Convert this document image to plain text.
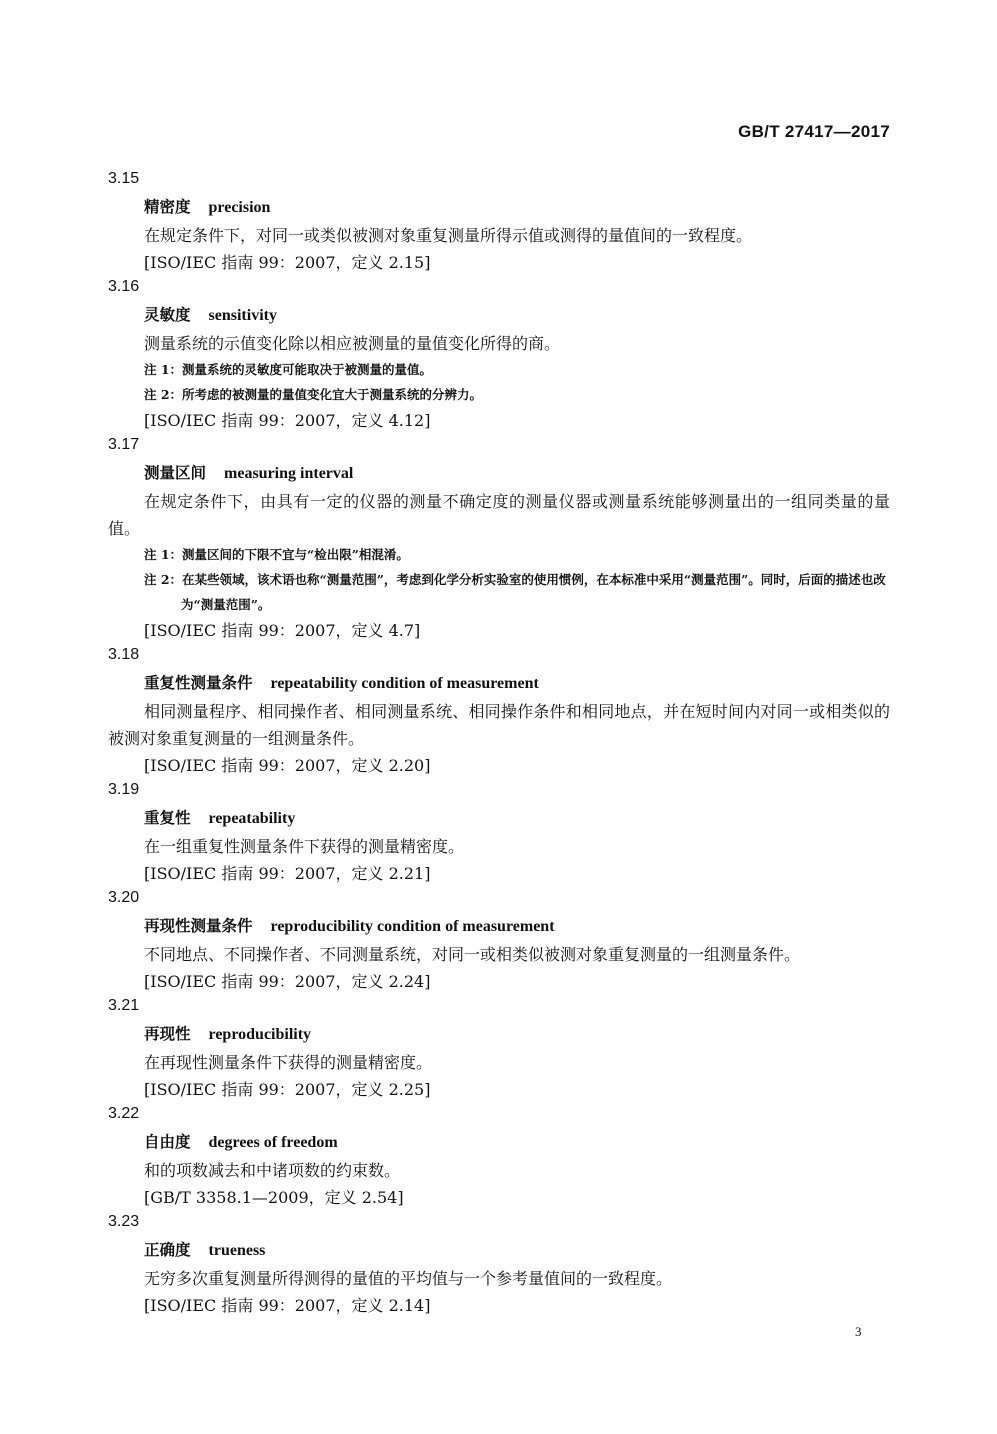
GB/T 27417—2017
3.15
精密度 precision
在规定条件下，对同一或类似被测对象重复测量所得示值或测得的量值间的一致程度。
[ISO/IEC 指南 99：2007，定义 2.15]
3.16
灵敏度 sensitivity
测量系统的示值变化除以相应被测量的量值变化所得的商。
注 1：测量系统的灵敏度可能取决于被测量的量值。
注 2：所考虑的被测量的量值变化宜大于测量系统的分辨力。
[ISO/IEC 指南 99：2007，定义 4.12]
3.17
测量区间 measuring interval
在规定条件下，由具有一定的仪器的测量不确定度的测量仪器或测量系统能够测量出的一组同类量的量值。
注 1：测量区间的下限不宜与“检出限”相混淆。
注 2：在某些领域，该术语也称“测量范围”，考虑到化学分析实验室的使用惯例，在本标准中采用“测量范围”。同时，后面的描述也改为“测量范围”。
[ISO/IEC 指南 99：2007，定义 4.7]
3.18
重复性测量条件 repeatability condition of measurement
相同测量程序、相同操作者、相同测量系统、相同操作条件和相同地点，并在短时间内对同一或相类似的被测对象重复测量的一组测量条件。
[ISO/IEC 指南 99：2007，定义 2.20]
3.19
重复性 repeatability
在一组重复性测量条件下获得的测量精密度。
[ISO/IEC 指南 99：2007，定义 2.21]
3.20
再现性测量条件 reproducibility condition of measurement
不同地点、不同操作者、不同测量系统，对同一或相类似被测对象重复测量的一组测量条件。
[ISO/IEC 指南 99：2007，定义 2.24]
3.21
再现性 reproducibility
在再现性测量条件下获得的测量精密度。
[ISO/IEC 指南 99：2007，定义 2.25]
3.22
自由度 degrees of freedom
和的项数减去和中诸项数的约束数。
[GB/T 3358.1—2009，定义 2.54]
3.23
正确度 trueness
无穷多次重复测量所得测得的量值的平均值与一个参考量值间的一致程度。
[ISO/IEC 指南 99：2007，定义 2.14]
3
